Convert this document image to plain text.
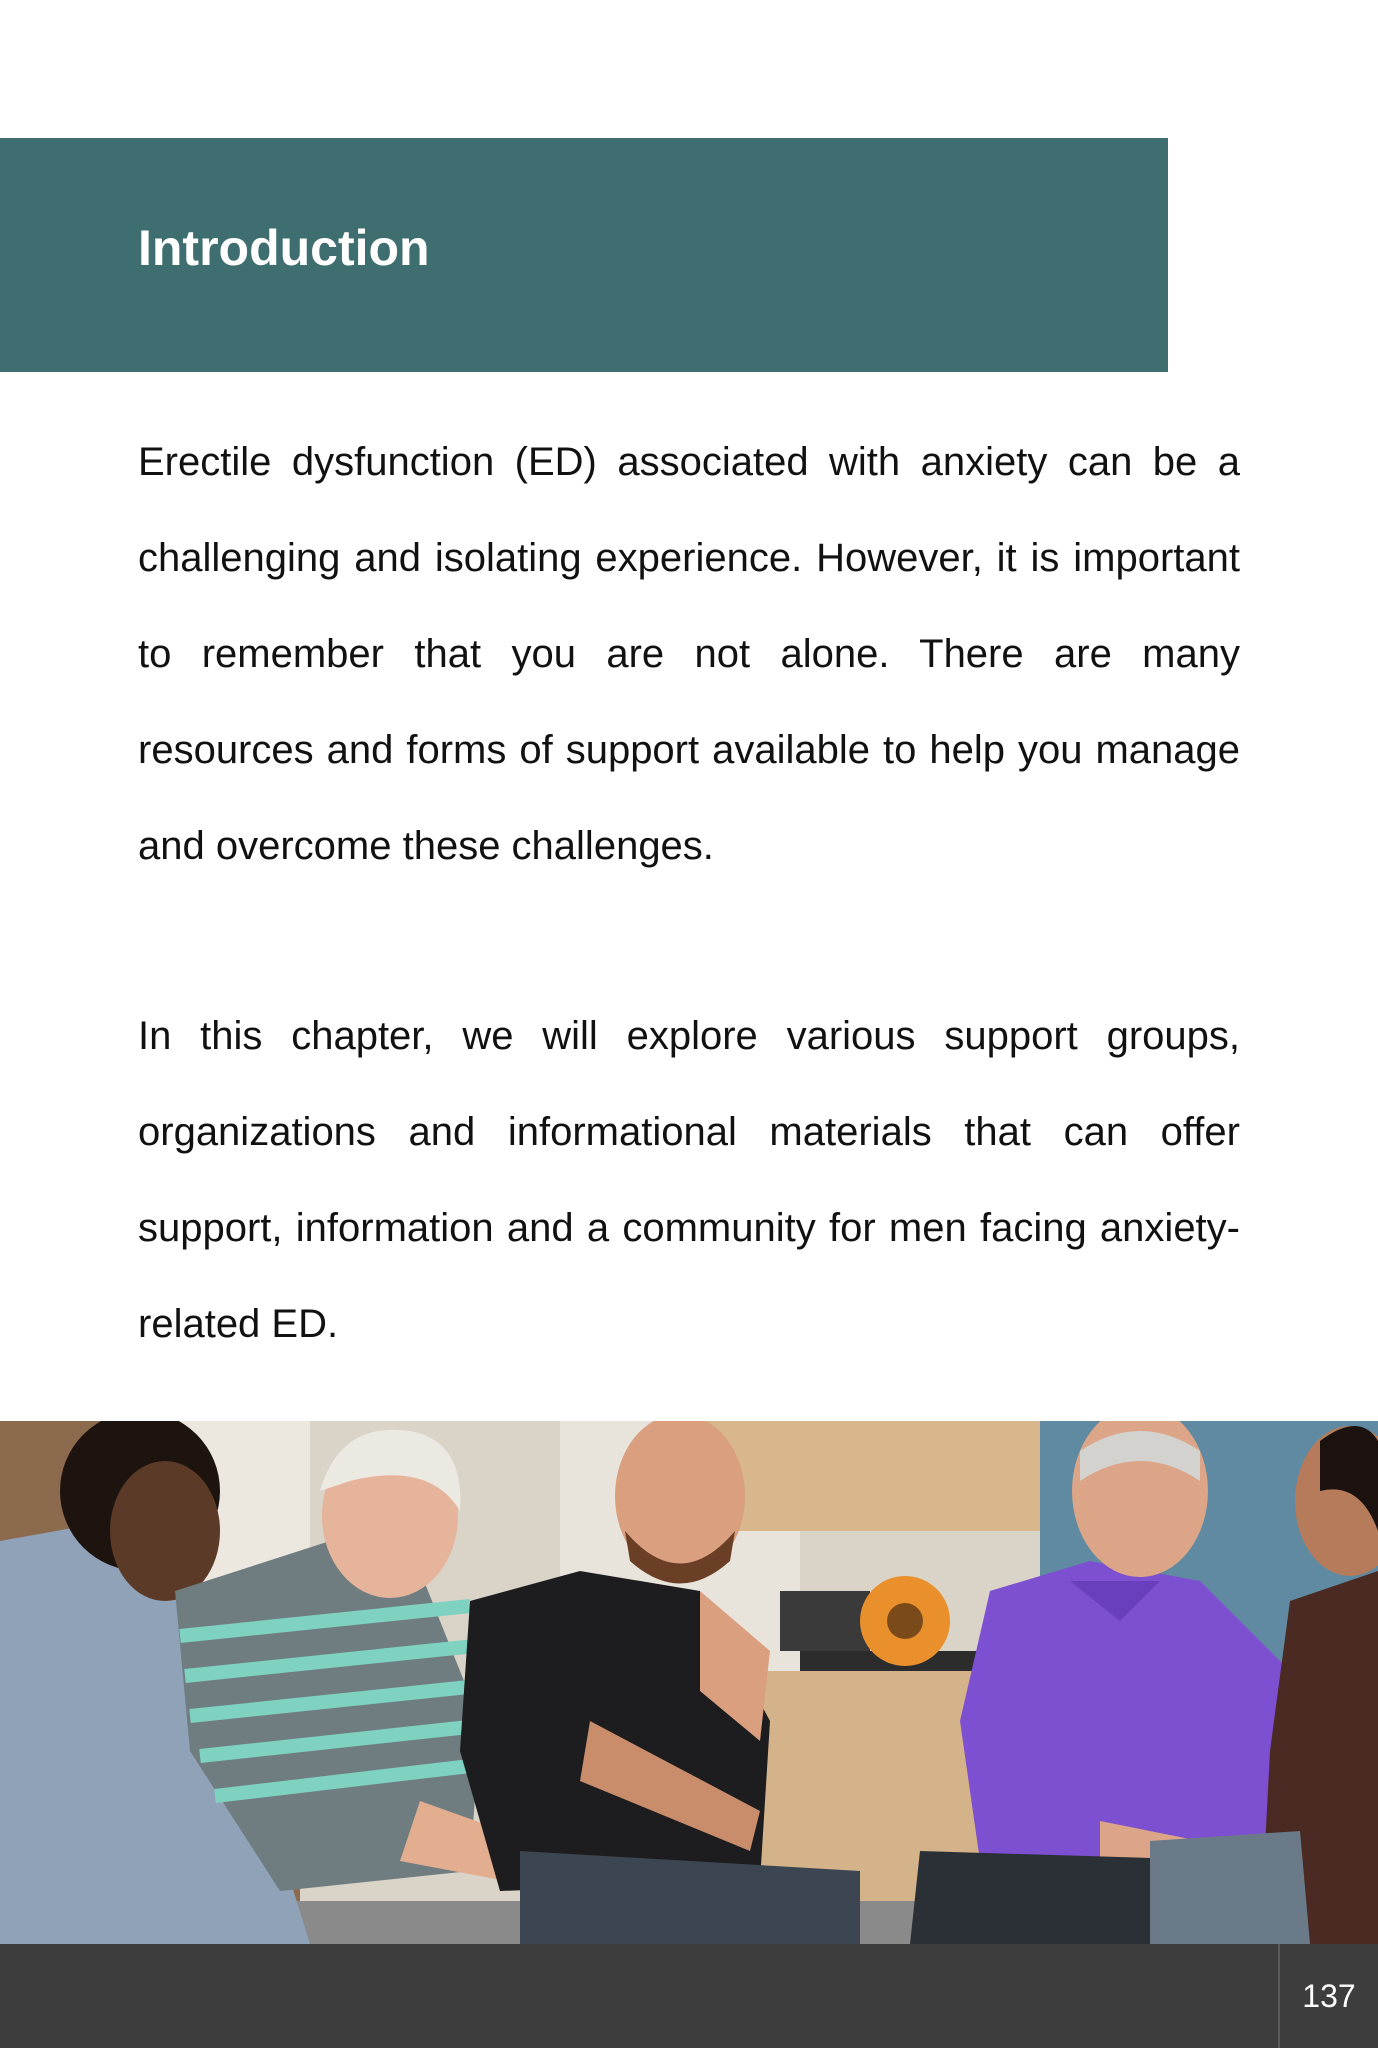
Introduction

Erectile dysfunction (ED) associated with anxiety can be a challenging and isolating experience. However, it is important to remember that you are not alone. There are many resources and forms of support available to help you manage and overcome these challenges.

In this chapter, we will explore various support groups, organizations and informational materials that can offer support, information and a community for men facing anxiety-related ED.

137
